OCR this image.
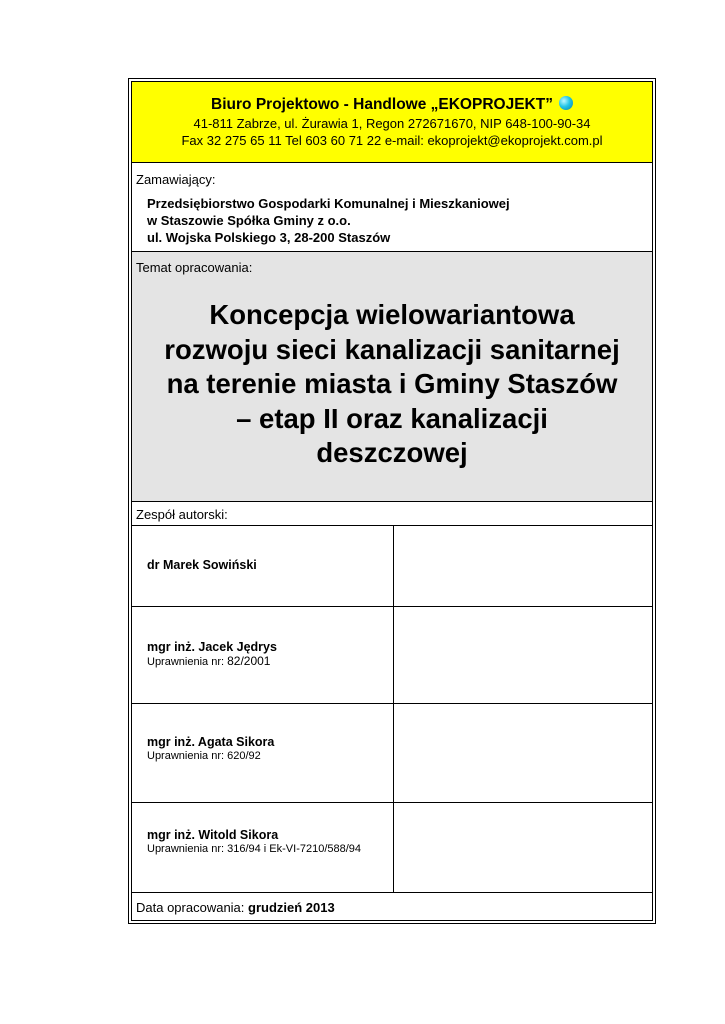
Biuro Projektowo - Handlowe „EKOPROJEKT”
41-811 Zabrze, ul. Żurawia 1, Regon 272671670, NIP 648-100-90-34
Fax 32 275 65 11 Tel 603 60 71 22 e-mail: ekoprojekt@ekoprojekt.com.pl
Zamawiający:
Przedsiębiorstwo Gospodarki Komunalnej i Mieszkaniowej
w Staszowie Spółka Gminy z o.o.
ul. Wojska Polskiego 3, 28-200 Staszów
Temat opracowania:
Koncepcja wielowariantowa
rozwoju sieci kanalizacji sanitarnej
na terenie miasta i Gminy Staszów
– etap II oraz kanalizacji
deszczowej
Zespół autorski:
dr Marek Sowiński
mgr inż. Jacek Jędrys
Uprawnienia nr: 82/2001
mgr inż. Agata Sikora
Uprawnienia nr: 620/92
mgr inż. Witold Sikora
Uprawnienia nr: 316/94 i Ek-VI-7210/588/94
Data opracowania: grudzień 2013
